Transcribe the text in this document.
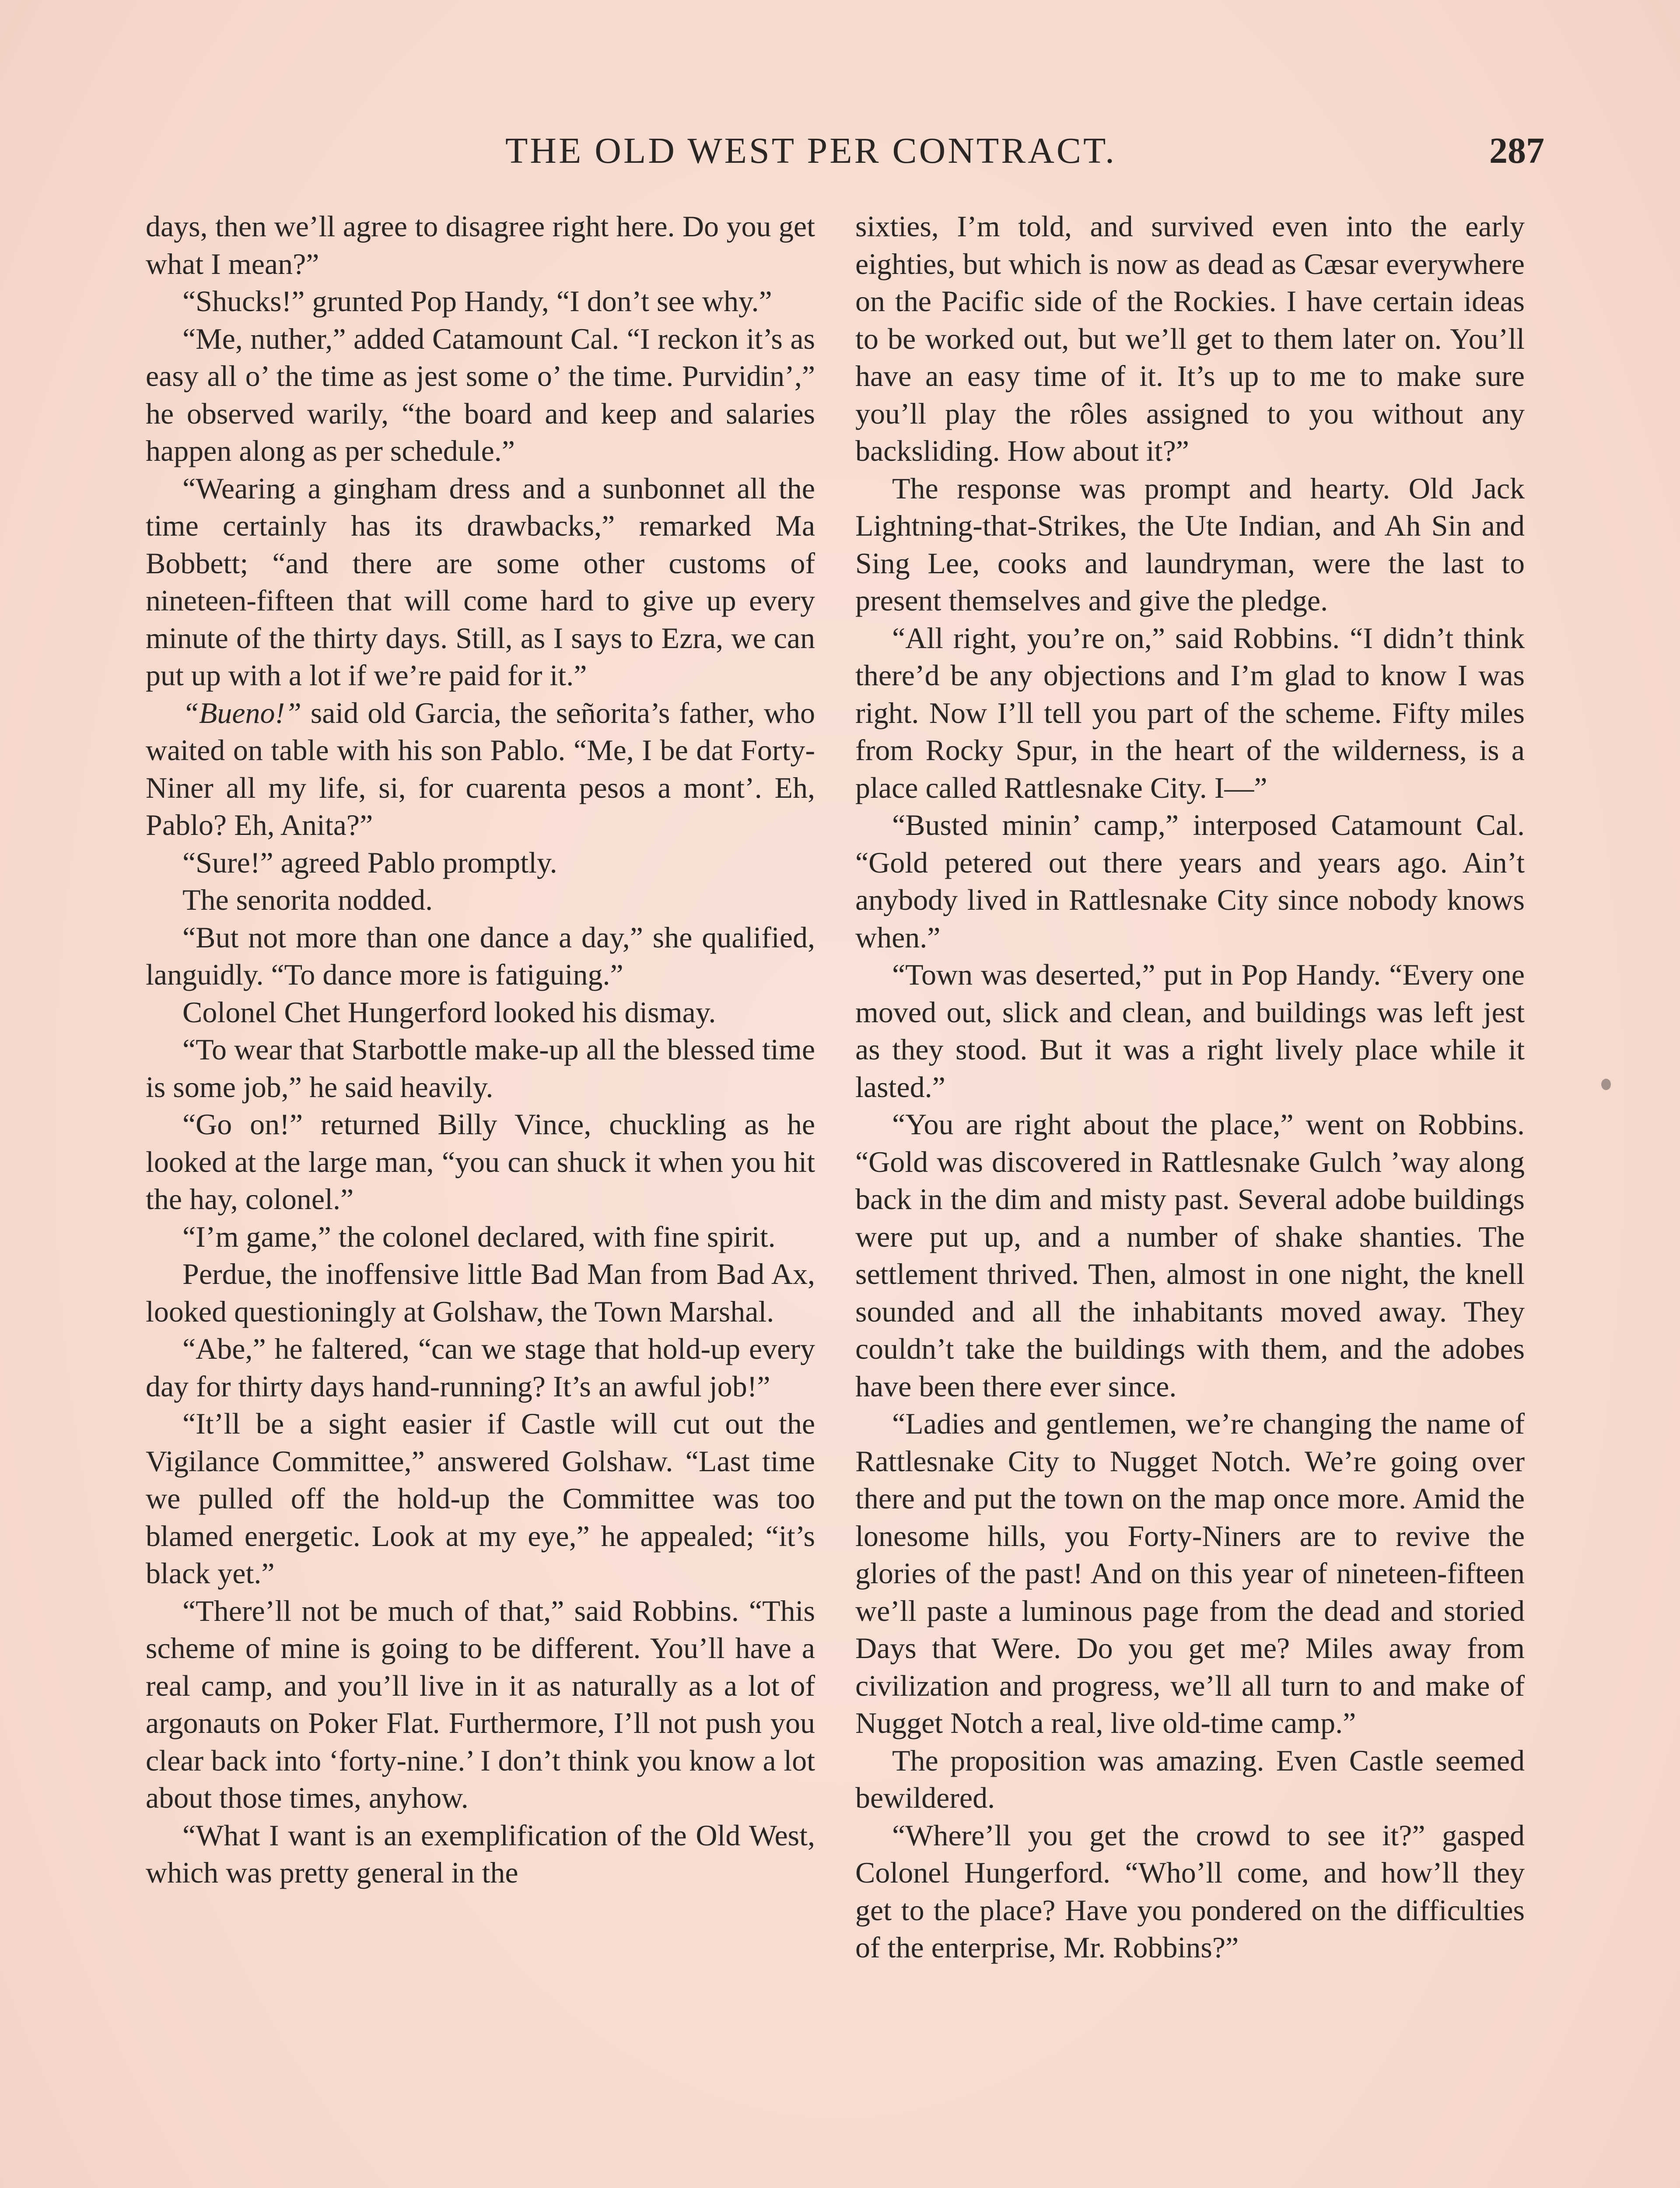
THE OLD WEST PER CONTRACT.	287

days, then we’ll agree to disagree right here. Do you get what I mean?”

“Shucks!” grunted Pop Handy, “I don’t see why.”

“Me, nuther,” added Catamount Cal. “I reckon it’s as easy all o’ the time as jest some o’ the time. Purvidin’,” he observed warily, “the board and keep and salaries happen along as per schedule.”

“Wearing a gingham dress and a sunbonnet all the time certainly has its drawbacks,” remarked Ma Bobbett; “and there are some other customs of nineteen-fifteen that will come hard to give up every minute of the thirty days. Still, as I says to Ezra, we can put up with a lot if we’re paid for it.”

“Bueno!” said old Garcia, the señorita’s father, who waited on table with his son Pablo. “Me, I be dat Forty-Niner all my life, si, for cuarenta pesos a mont’. Eh, Pablo? Eh, Anita?”

“Sure!” agreed Pablo promptly.

The senorita nodded.

“But not more than one dance a day,” she qualified, languidly. “To dance more is fatiguing.”

Colonel Chet Hungerford looked his dismay.

“To wear that Starbottle make-up all the blessed time is some job,” he said heavily.

“Go on!” returned Billy Vince, chuckling as he looked at the large man, “you can shuck it when you hit the hay, colonel.”

“I’m game,” the colonel declared, with fine spirit.

Perdue, the inoffensive little Bad Man from Bad Ax, looked questioningly at Golshaw, the Town Marshal.

“Abe,” he faltered, “can we stage that hold-up every day for thirty days hand-running? It’s an awful job!”

“It’ll be a sight easier if Castle will cut out the Vigilance Committee,” answered Golshaw. “Last time we pulled off the hold-up the Committee was too blamed energetic. Look at my eye,” he appealed; “it’s black yet.”

“There’ll not be much of that,” said Robbins. “This scheme of mine is going to be different. You’ll have a real camp, and you’ll live in it as naturally as a lot of argonauts on Poker Flat. Furthermore, I’ll not push you clear back into ‘forty-nine.’ I don’t think you know a lot about those times, anyhow.

“What I want is an exemplification of the Old West, which was pretty general in the

sixties, I’m told, and survived even into the early eighties, but which is now as dead as Cæsar everywhere on the Pacific side of the Rockies. I have certain ideas to be worked out, but we’ll get to them later on. You’ll have an easy time of it. It’s up to me to make sure you’ll play the rôles assigned to you without any backsliding. How about it?”

The response was prompt and hearty. Old Jack Lightning-that-Strikes, the Ute Indian, and Ah Sin and Sing Lee, cooks and laundryman, were the last to present themselves and give the pledge.

“All right, you’re on,” said Robbins. “I didn’t think there’d be any objections and I’m glad to know I was right. Now I’ll tell you part of the scheme. Fifty miles from Rocky Spur, in the heart of the wilderness, is a place called Rattlesnake City. I—”

“Busted minin’ camp,” interposed Catamount Cal. “Gold petered out there years and years ago. Ain’t anybody lived in Rattlesnake City since nobody knows when.”

“Town was deserted,” put in Pop Handy. “Every one moved out, slick and clean, and buildings was left jest as they stood. But it was a right lively place while it lasted.”

“You are right about the place,” went on Robbins. “Gold was discovered in Rattlesnake Gulch ’way along back in the dim and misty past. Several adobe buildings were put up, and a number of shake shanties. The settlement thrived. Then, almost in one night, the knell sounded and all the inhabitants moved away. They couldn’t take the buildings with them, and the adobes have been there ever since.

“Ladies and gentlemen, we’re changing the name of Rattlesnake City to Nugget Notch. We’re going over there and put the town on the map once more. Amid the lonesome hills, you Forty-Niners are to revive the glories of the past! And on this year of nineteen-fifteen we’ll paste a luminous page from the dead and storied Days that Were. Do you get me? Miles away from civilization and progress, we’ll all turn to and make of Nugget Notch a real, live old-time camp.”

The proposition was amazing. Even Castle seemed bewildered.

“Where’ll you get the crowd to see it?” gasped Colonel Hungerford. “Who’ll come, and how’ll they get to the place? Have you pondered on the difficulties of the enterprise, Mr. Robbins?”
